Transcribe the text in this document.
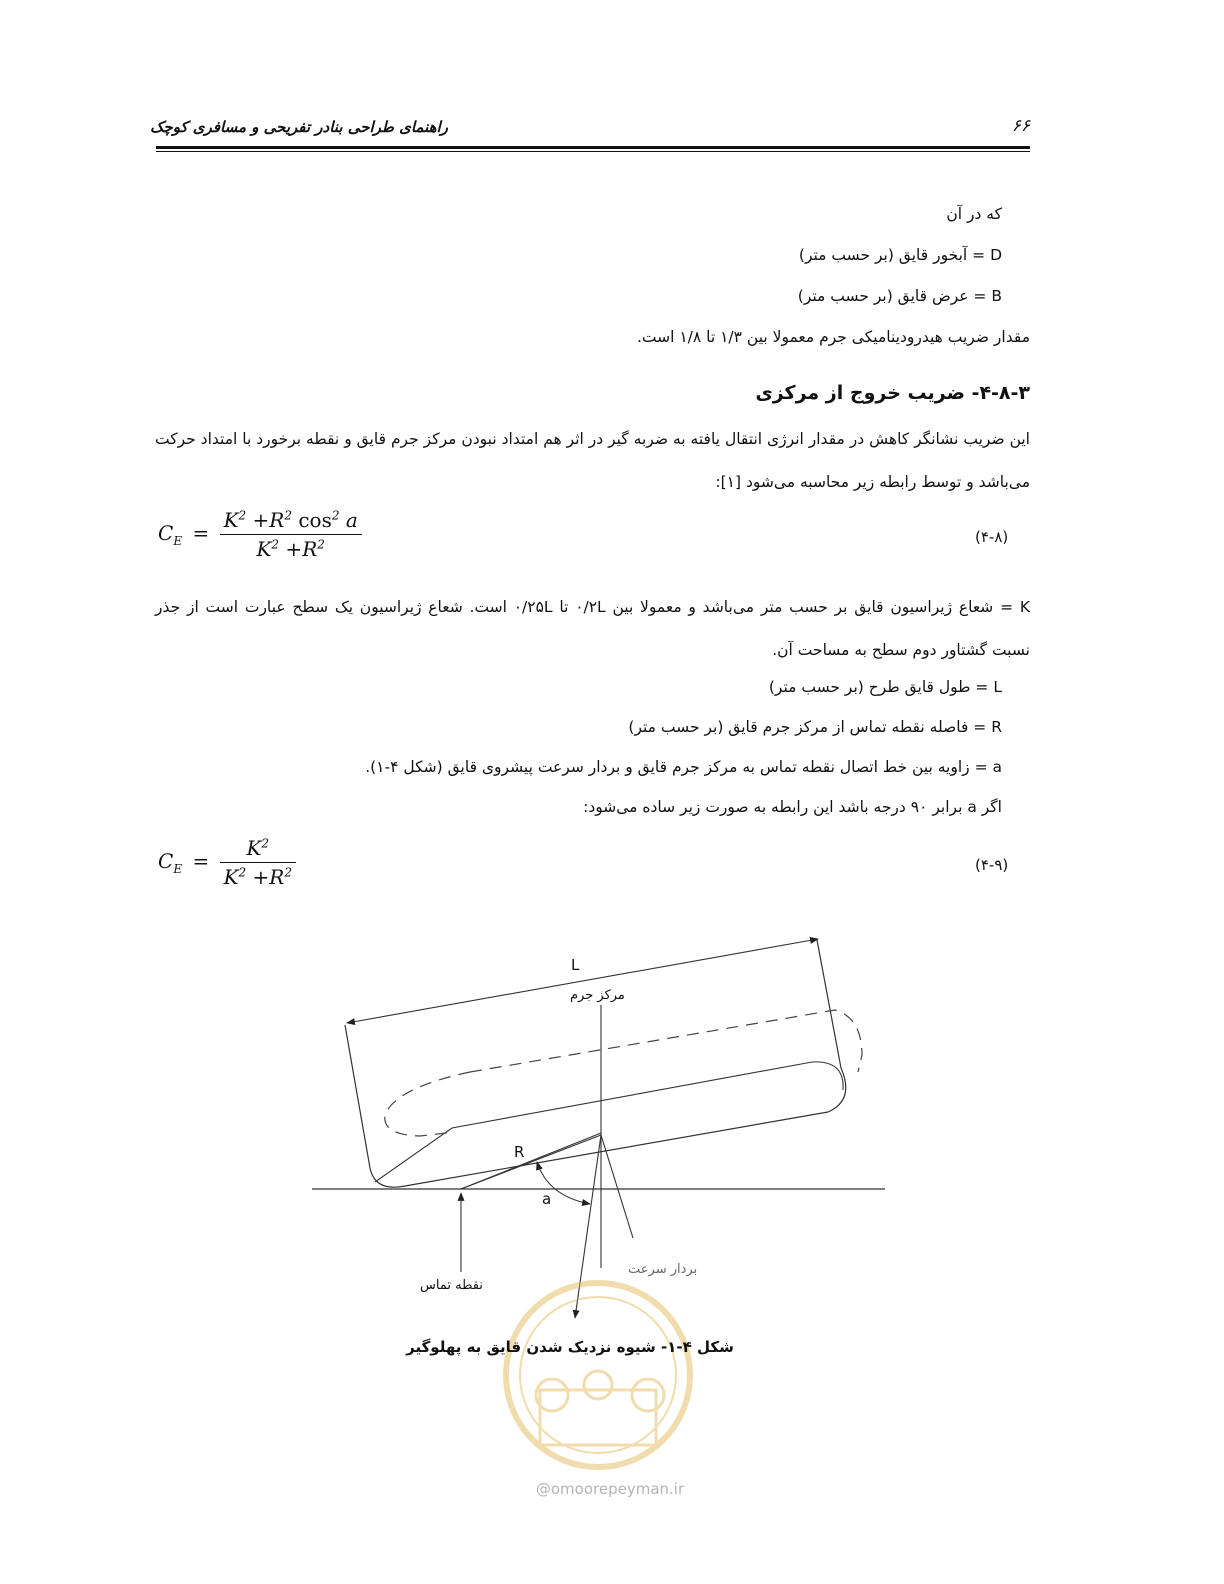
راهنمای طراحی بنادر تفریحی و مسافری کوچک	۶۶
که در آن
D = آبخور قایق (بر حسب متر)
B = عرض قایق (بر حسب متر)
مقدار ضریب هیدرودینامیکی جرم معمولا بین ۱/۳ تا ۱/۸ است.
۴-۸-۳- ضریب خروج از مرکزی
این ضریب نشانگر کاهش در مقدار انرژی انتقال یافته به ضربه گیر در اثر هم امتداد نبودن مرکز جرم قایق و نقطه برخورد با امتداد حرکت می‌باشد و توسط رابطه زیر محاسبه می‌شود [۱]:
$C_E = \frac{K^2 +R^2 \cos^2 a}{K^2 +R^2}$	(۴-۸)
K = شعاع ژیراسیون قایق بر حسب متر می‌باشد و معمولا بین ۰/۲L تا ۰/۲۵L است. شعاع ژیراسیون یک سطح عبارت است از جذر نسبت گشتاور دوم سطح به مساحت آن.
L = طول قایق طرح (بر حسب متر)
R = فاصله نقطه تماس از مرکز جرم قایق (بر حسب متر)
a = زاویه بین خط اتصال نقطه تماس به مرکز جرم قایق و بردار سرعت پیشروی قایق (شکل ۴-۱).
اگر a برابر ۹۰ درجه باشد این رابطه به صورت زیر ساده می‌شود:
$C_E = \frac{K^2}{K^2 +R^2}$	(۴-۹)
L
مرکز جرم
R
a
بردار سرعت
نقطه تماس
شکل ۴-۱- شیوه نزدیک شدن قایق به پهلوگیر
@omoorepeyman.ir
